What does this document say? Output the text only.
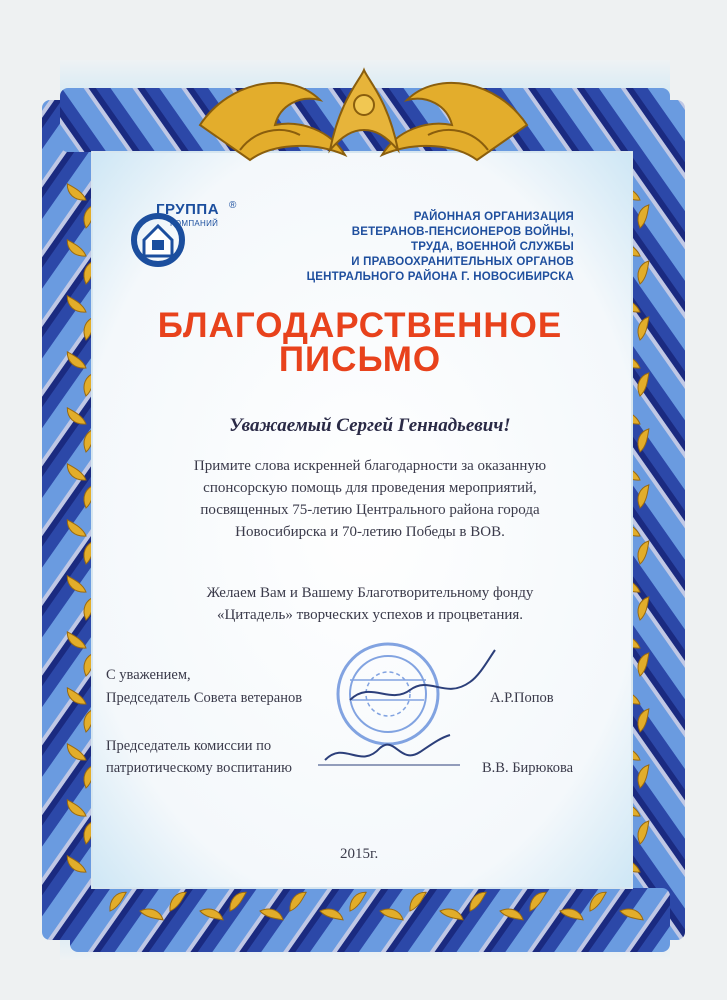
ГРУППА ®
КОМПАНИЙ
РАЙОННАЯ ОРГАНИЗАЦИЯ
ВЕТЕРАНОВ-ПЕНСИОНЕРОВ ВОЙНЫ,
ТРУДА, ВОЕННОЙ СЛУЖБЫ
И ПРАВООХРАНИТЕЛЬНЫХ ОРГАНОВ
ЦЕНТРАЛЬНОГО РАЙОНА Г. НОВОСИБИРСКА
БЛАГОДАРСТВЕННОЕ
ПИСЬМО
Уважаемый Сергей Геннадьевич!
Примите слова искренней благодарности за оказанную
спонсорскую помощь для проведения мероприятий,
посвященных 75-летию Центрального района города
Новосибирска и 70-летию Победы в ВОВ.
Желаем Вам и Вашему Благотворительному фонду
«Цитадель» творческих успехов и процветания.
С уважением,
Председатель Совета ветеранов	А.Р.Попов
Председатель комиссии по
патриотическому воспитанию	В.В. Бирюкова
2015г.
